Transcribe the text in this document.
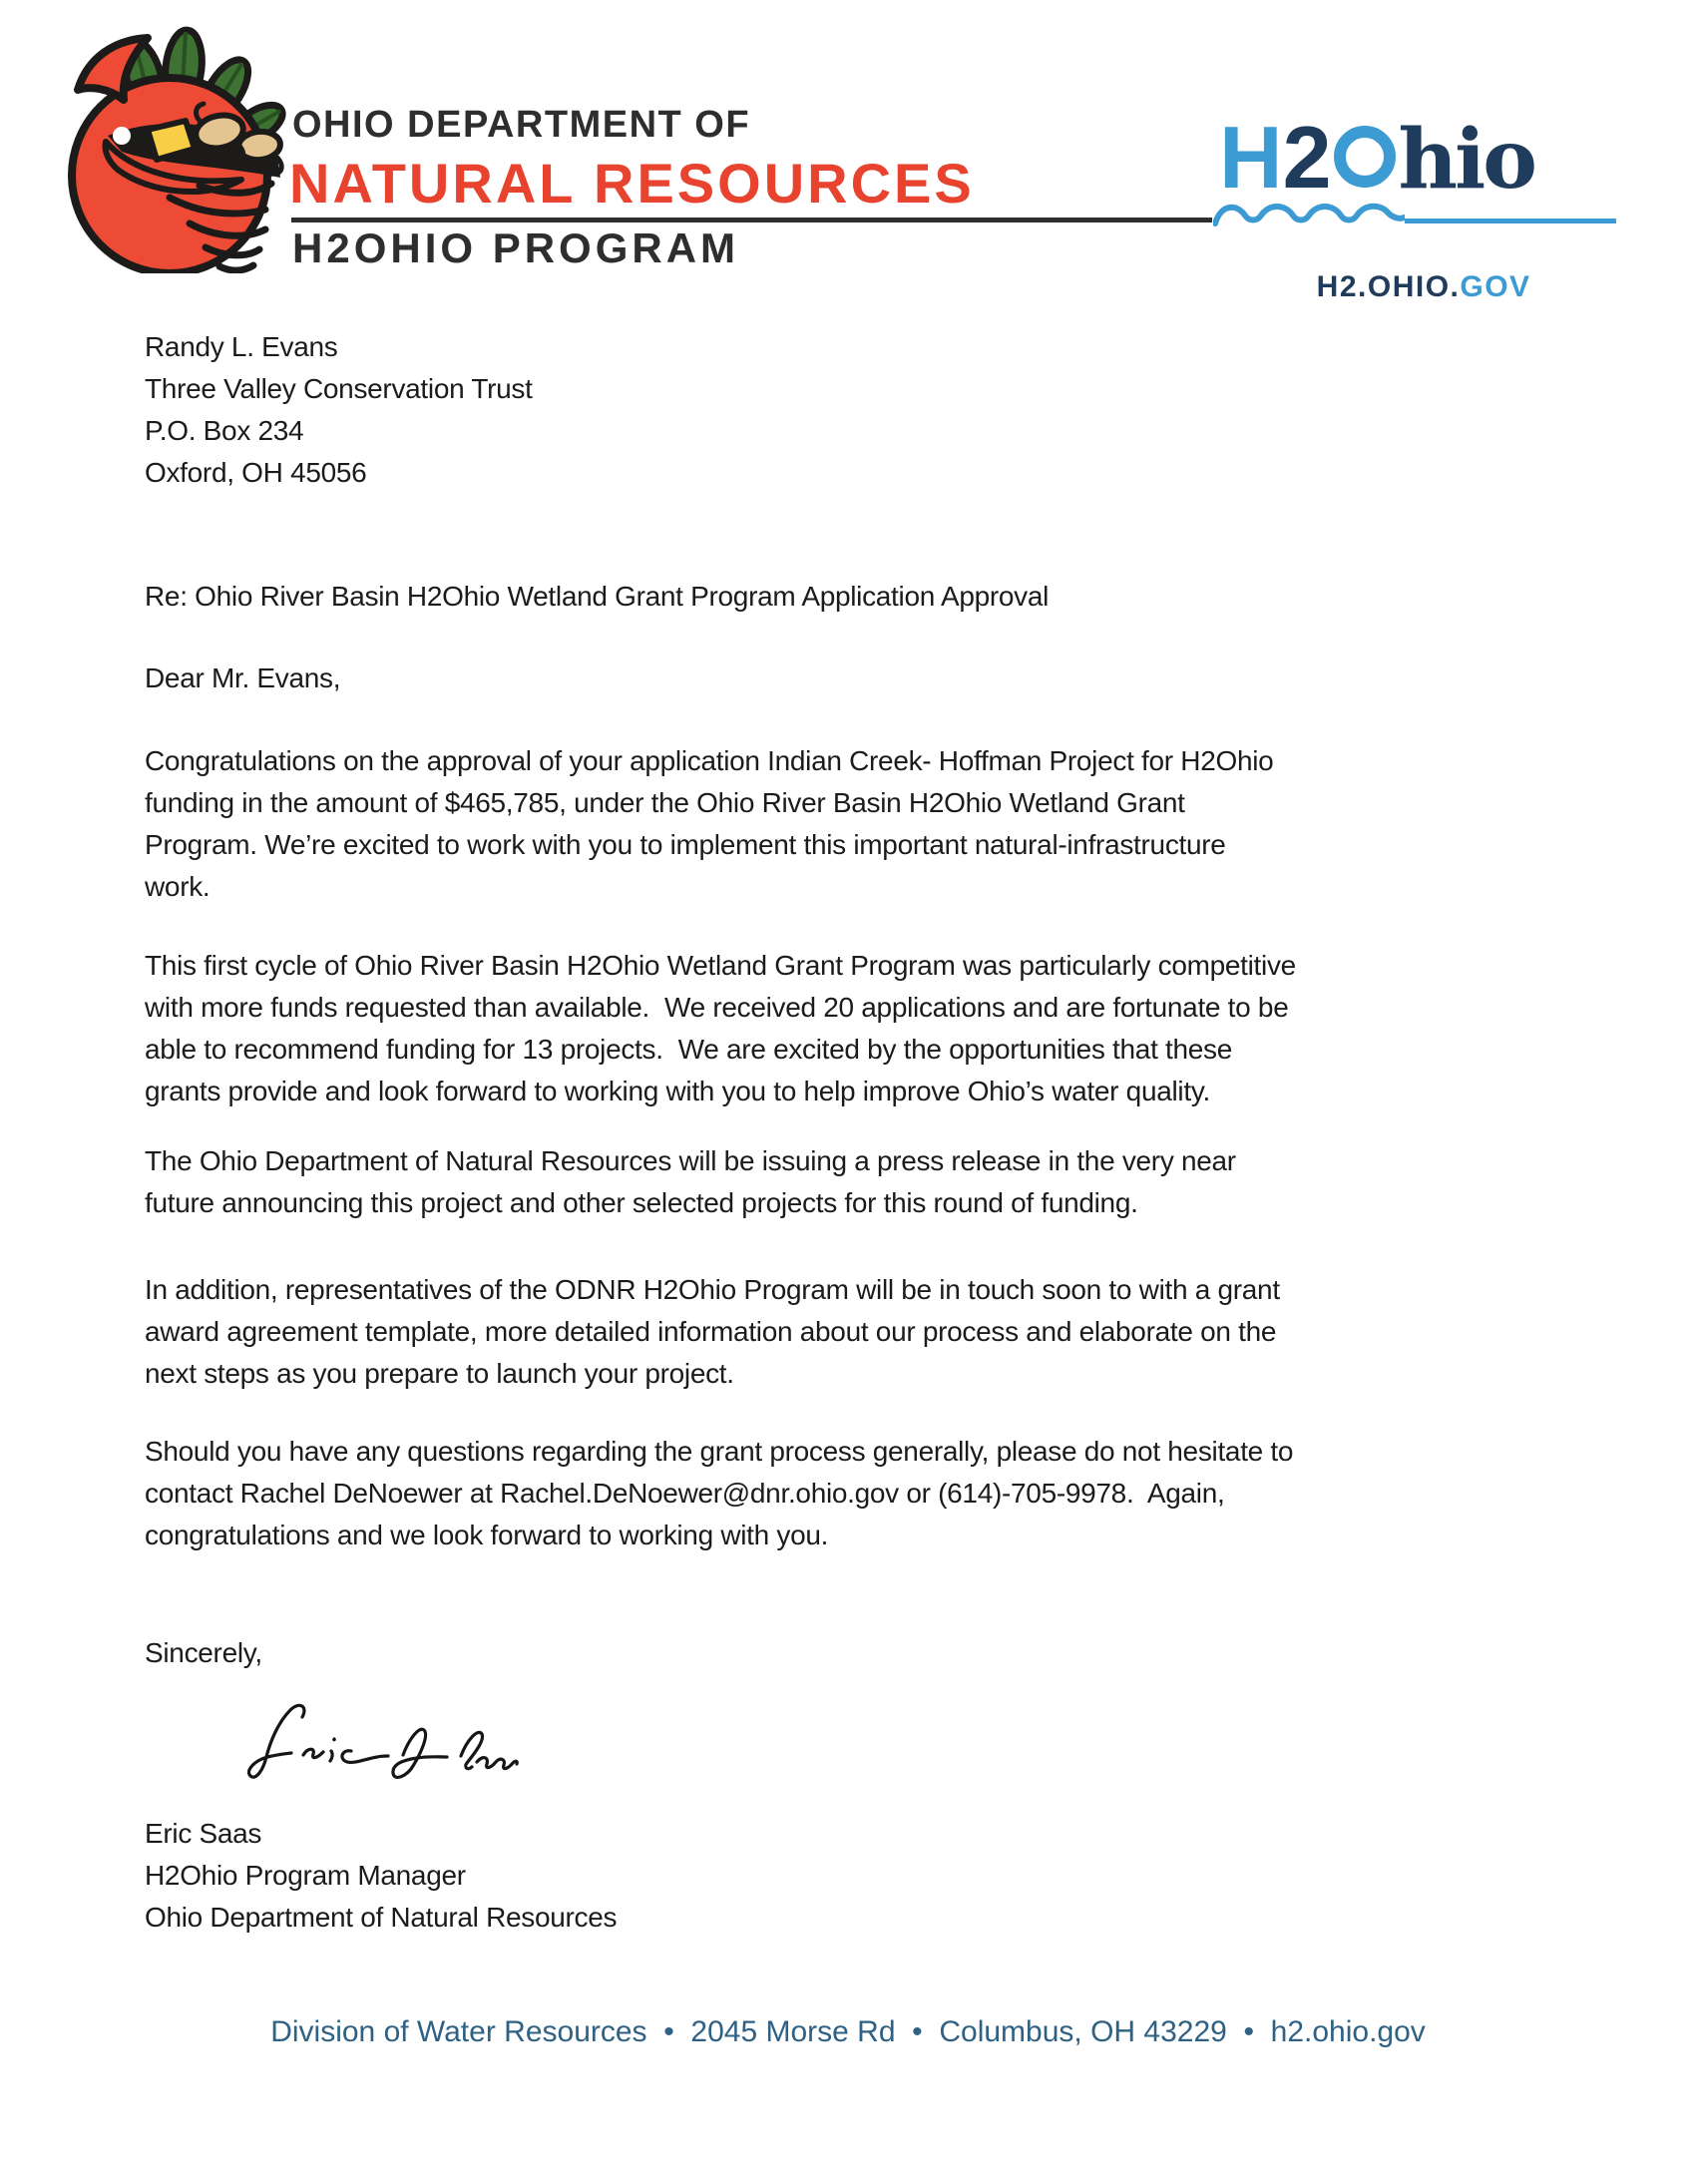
OHIO DEPARTMENT OF
NATURAL RESOURCES
H2OHIO PROGRAM
H 2 hio

H2.OHIO.GOV

Randy L. Evans
Three Valley Conservation Trust
P.O. Box 234
Oxford, OH 45056
Re: Ohio River Basin H2Ohio Wetland Grant Program Application Approval
Dear Mr. Evans,
Congratulations on the approval of your application Indian Creek- Hoffman Project for H2Ohio
funding in the amount of $465,785, under the Ohio River Basin H2Ohio Wetland Grant
Program. We’re excited to work with you to implement this important natural-infrastructure
work.
This first cycle of Ohio River Basin H2Ohio Wetland Grant Program was particularly competitive
with more funds requested than available.  We received 20 applications and are fortunate to be
able to recommend funding for 13 projects.  We are excited by the opportunities that these
grants provide and look forward to working with you to help improve Ohio’s water quality.
The Ohio Department of Natural Resources will be issuing a press release in the very near
future announcing this project and other selected projects for this round of funding.
In addition, representatives of the ODNR H2Ohio Program will be in touch soon to with a grant
award agreement template, more detailed information about our process and elaborate on the
next steps as you prepare to launch your project.
Should you have any questions regarding the grant process generally, please do not hesitate to
contact Rachel DeNoewer at Rachel.DeNoewer@dnr.ohio.gov or (614)-705-9978.  Again,
congratulations and we look forward to working with you.
Sincerely,
Eric Saas
H2Ohio Program Manager
Ohio Department of Natural Resources
Division of Water Resources  •  2045 Morse Rd  •  Columbus, OH 43229  •  h2.ohio.gov
